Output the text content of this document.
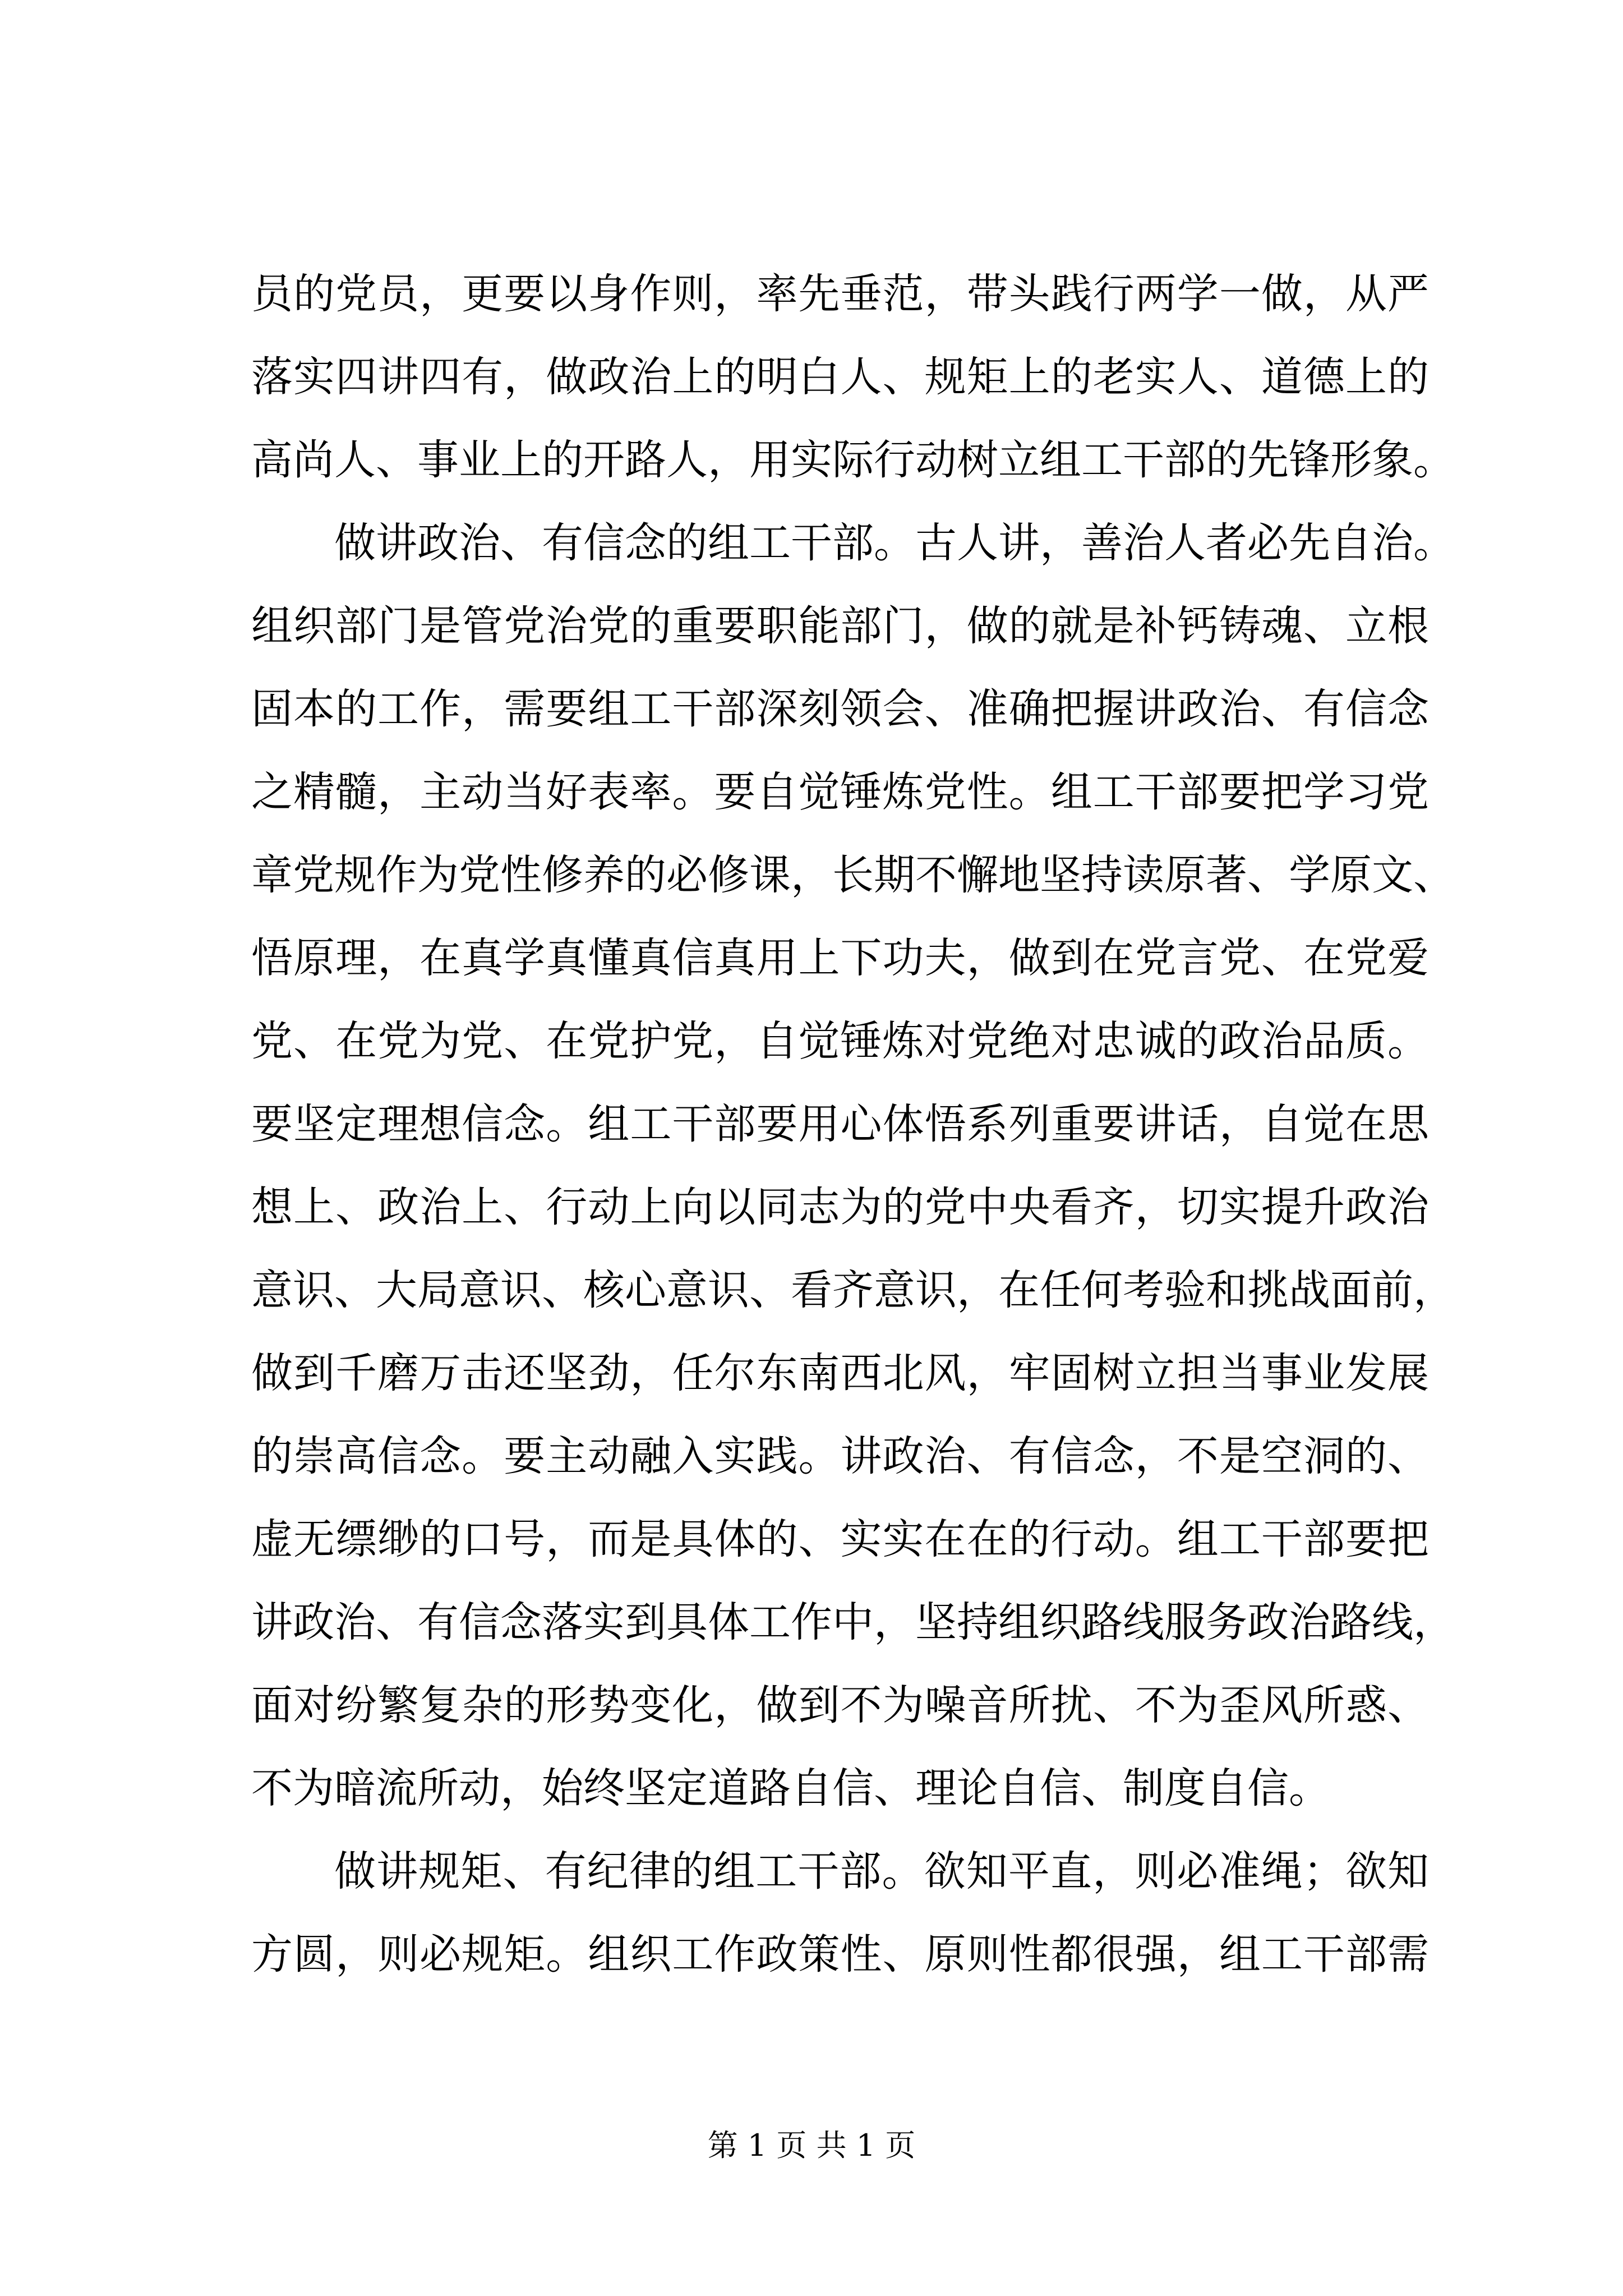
员的党员，更要以身作则，率先垂范，带头践行两学一做，从严
落实四讲四有，做政治上的明白人、规矩上的老实人、道德上的
高尚人、事业上的开路人，用实际行动树立组工干部的先锋形象。
做讲政治、有信念的组工干部。古人讲，善治人者必先自治。
组织部门是管党治党的重要职能部门，做的就是补钙铸魂、立根
固本的工作，需要组工干部深刻领会、准确把握讲政治、有信念
之精髓，主动当好表率。要自觉锤炼党性。组工干部要把学习党
章党规作为党性修养的必修课，长期不懈地坚持读原著、学原文、
悟原理，在真学真懂真信真用上下功夫，做到在党言党、在党爱
党、在党为党、在党护党，自觉锤炼对党绝对忠诚的政治品质。
要坚定理想信念。组工干部要用心体悟系列重要讲话，自觉在思
想上、政治上、行动上向以同志为的党中央看齐，切实提升政治
意识、大局意识、核心意识、看齐意识，在任何考验和挑战面前，
做到千磨万击还坚劲，任尔东南西北风，牢固树立担当事业发展
的崇高信念。要主动融入实践。讲政治、有信念，不是空洞的、
虚无缥缈的口号，而是具体的、实实在在的行动。组工干部要把
讲政治、有信念落实到具体工作中，坚持组织路线服务政治路线，
面对纷繁复杂的形势变化，做到不为噪音所扰、不为歪风所惑、
不为暗流所动，始终坚定道路自信、理论自信、制度自信。
做讲规矩、有纪律的组工干部。欲知平直，则必准绳；欲知
方圆，则必规矩。组织工作政策性、原则性都很强，组工干部需
第 1 页 共 1 页
